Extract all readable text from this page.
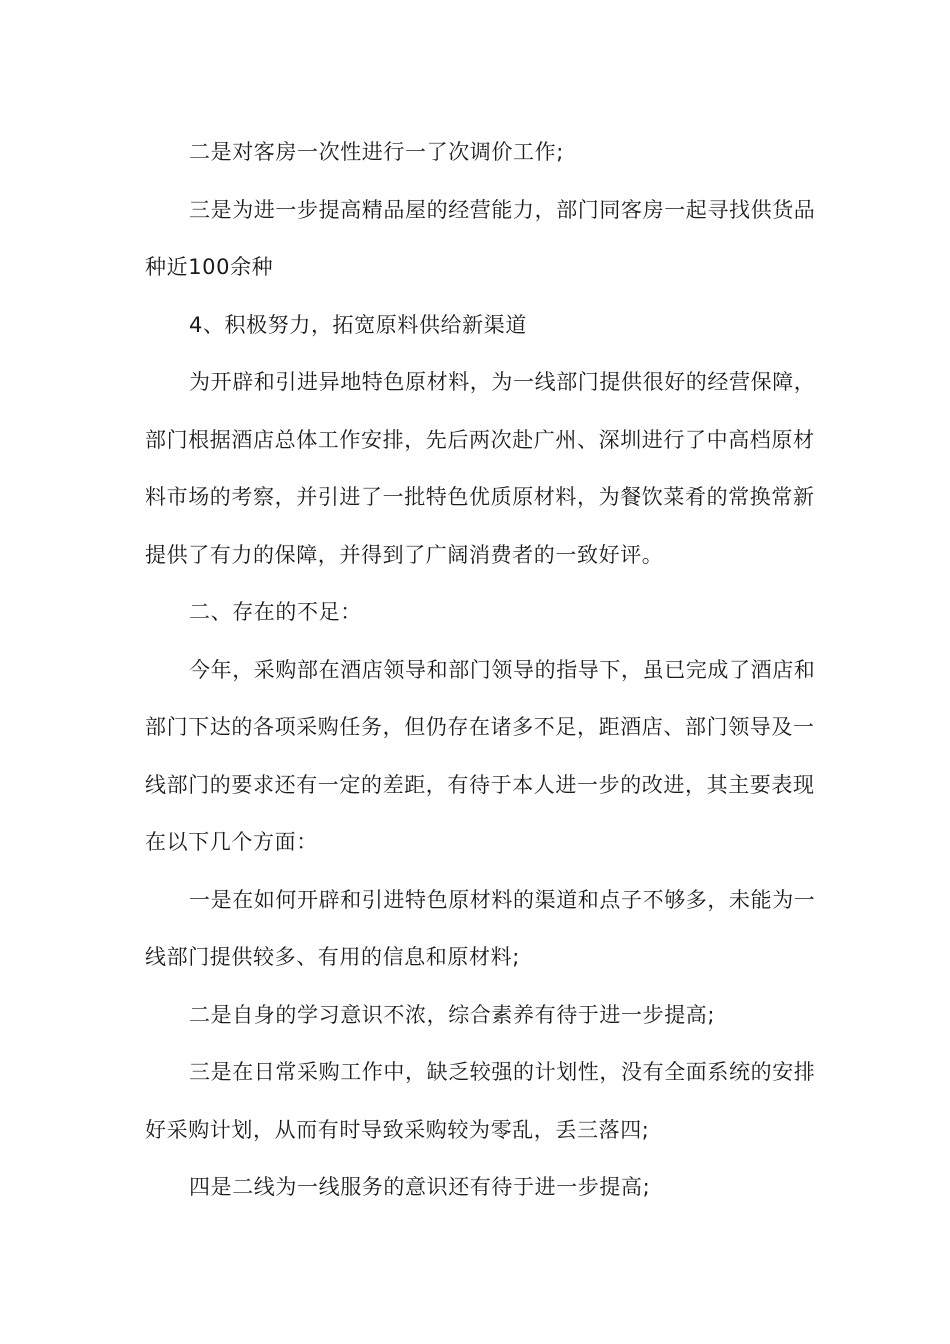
二是对客房一次性进行一了次调价工作;

三是为进一步提高精品屋的经营能力，部门同客房一起寻找供货品种近100余种

4、积极努力，拓宽原料供给新渠道

为开辟和引进异地特色原材料，为一线部门提供很好的经营保障，部门根据酒店总体工作安排，先后两次赴广州、深圳进行了中高档原材料市场的考察，并引进了一批特色优质原材料，为餐饮菜肴的常换常新提供了有力的保障，并得到了广阔消费者的一致好评。

二、存在的不足：

今年，采购部在酒店领导和部门领导的指导下，虽已完成了酒店和部门下达的各项采购任务，但仍存在诸多不足，距酒店、部门领导及一线部门的要求还有一定的差距，有待于本人进一步的改进，其主要表现在以下几个方面：

一是在如何开辟和引进特色原材料的渠道和点子不够多，未能为一线部门提供较多、有用的信息和原材料;

二是自身的学习意识不浓，综合素养有待于进一步提高;

三是在日常采购工作中，缺乏较强的计划性，没有全面系统的安排好采购计划，从而有时导致采购较为零乱，丢三落四;

四是二线为一线服务的意识还有待于进一步提高;
